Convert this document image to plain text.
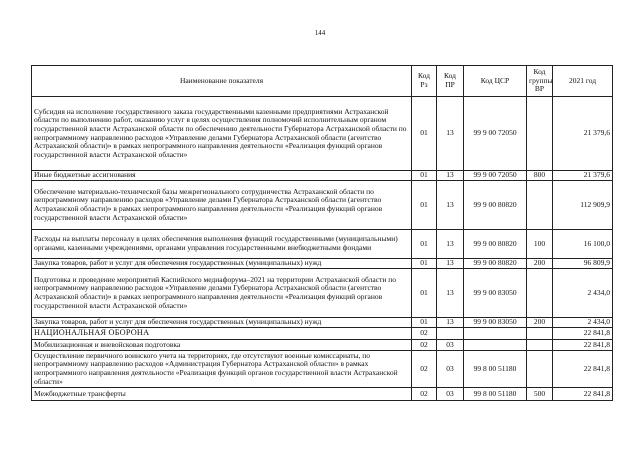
144
Наименование показателя	Код Рз	Код ПР	Код ЦСР	Код группы ВР	2021 год
Субсидия на исполнение государственного заказа государственными казенными предприятиями Астраханской области по выполнению работ, оказанию услуг в целях осуществления полномочий исполнительным органом государственной власти Астраханской области по обеспечению деятельности Губернатора Астраханской области по непрограммному направлению расходов «Управление делами Губернатора Астраханской области (агентство Астраханской области)» в рамках непрограммного направления деятельности «Реализация функций органов государственной власти Астраханской области»	01	13	99 9 00 72050		21 379,6
Иные бюджетные ассигнования	01	13	99 9 00 72050	800	21 379,6
Обеспечение материально-технической базы межрегионального сотрудничества Астраханской области по непрограммному направлению расходов «Управление делами Губернатора Астраханской области (агентство Астраханской области)» в рамках непрограммного направления деятельности «Реализация функций органов государственной власти Астраханской области»	01	13	99 9 00 80820		112 909,9
Расходы на выплаты персоналу в целях обеспечения выполнения функций государственными (муниципальными) органами, казенными учреждениями, органами управления государственными внебюджетными фондами	01	13	99 9 00 80820	100	16 100,0
Закупка товаров, работ и услуг для обеспечения государственных (муниципальных) нужд	01	13	99 9 00 80820	200	96 809,9
Подготовка и проведение мероприятий Каспийского медиафорума–2021 на территории Астраханской области по непрограммному направлению расходов «Управление делами Губернатора Астраханской области (агентство Астраханской области)» в рамках непрограммного направления деятельности «Реализация функций органов государственной власти Астраханской области»	01	13	99 9 00 83050		2 434,0
Закупка товаров, работ и услуг для обеспечения государственных (муниципальных) нужд	01	13	99 9 00 83050	200	2 434,0
НАЦИОНАЛЬНАЯ ОБОРОНА	02				22 841,8
Мобилизационная и вневойсковая подготовка	02	03			22 841,8
Осуществление первичного воинского учета на территориях, где отсутствуют военные комиссариаты, по непрограммному направлению расходов «Администрация Губернатора Астраханской области» в рамках непрограммного направления деятельности «Реализация функций органов государственной власти Астраханской области»	02	03	99 8 00 51180		22 841,8
Межбюджетные трансферты	02	03	99 8 00 51180	500	22 841,8
